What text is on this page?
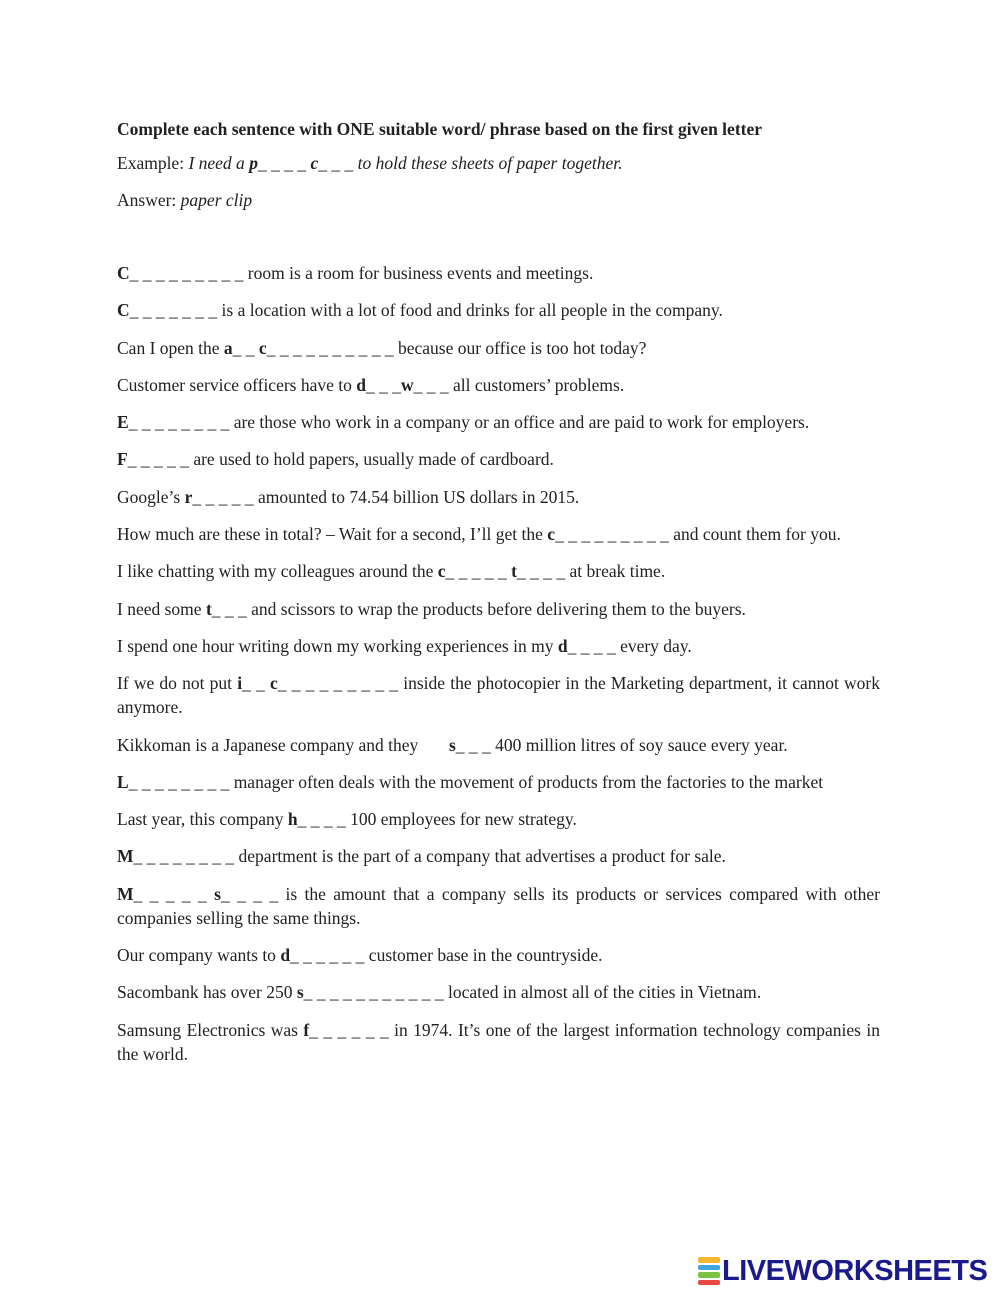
Complete each sentence with ONE suitable word/ phrase based on the first given letter

Example: I need a p_ _ _ _ c_ _ _ to hold these sheets of paper together.

Answer: paper clip

C_ _ _ _ _ _ _ _ _ room is a room for business events and meetings.
C_ _ _ _ _ _ _ is a location with a lot of food and drinks for all people in the company.
Can I open the a_ _ c_ _ _ _ _ _ _ _ _ _ because our office is too hot today?
Customer service officers have to d_ _ _w_ _ _ all customers’ problems.
E_ _ _ _ _ _ _ _ are those who work in a company or an office and are paid to work for employers.
F_ _ _ _ _ are used to hold papers, usually made of cardboard.
Google’s r_ _ _ _ _ amounted to 74.54 billion US dollars in 2015.
How much are these in total? – Wait for a second, I’ll get the c_ _ _ _ _ _ _ _ _ and count them for you.
I like chatting with my colleagues around the c_ _ _ _ _ t_ _ _ _ at break time.
I need some t_ _ _ and scissors to wrap the products before delivering them to the buyers.
I spend one hour writing down my working experiences in my d_ _ _ _ every day.
If we do not put i_ _ c_ _ _ _ _ _ _ _ _ inside the photocopier in the Marketing department, it cannot work anymore.
Kikkoman is a Japanese company and they       s_ _ _ 400 million litres of soy sauce every year.
L_ _ _ _ _ _ _ _ manager often deals with the movement of products from the factories to the market
Last year, this company h_ _ _ _ 100 employees for new strategy.
M_ _ _ _ _ _ _ _ department is the part of a company that advertises a product for sale.
M_ _ _ _ _ s_ _ _ _ is the amount that a company sells its products or services compared with other companies selling the same things.
Our company wants to d_ _ _ _ _ _ customer base in the countryside.
Sacombank has over 250 s_ _ _ _ _ _ _ _ _ _ _ located in almost all of the cities in Vietnam.
Samsung Electronics was f_ _ _ _ _ _ in 1974. It’s one of the largest information technology companies in the world.
LIVEWORKSHEETS
